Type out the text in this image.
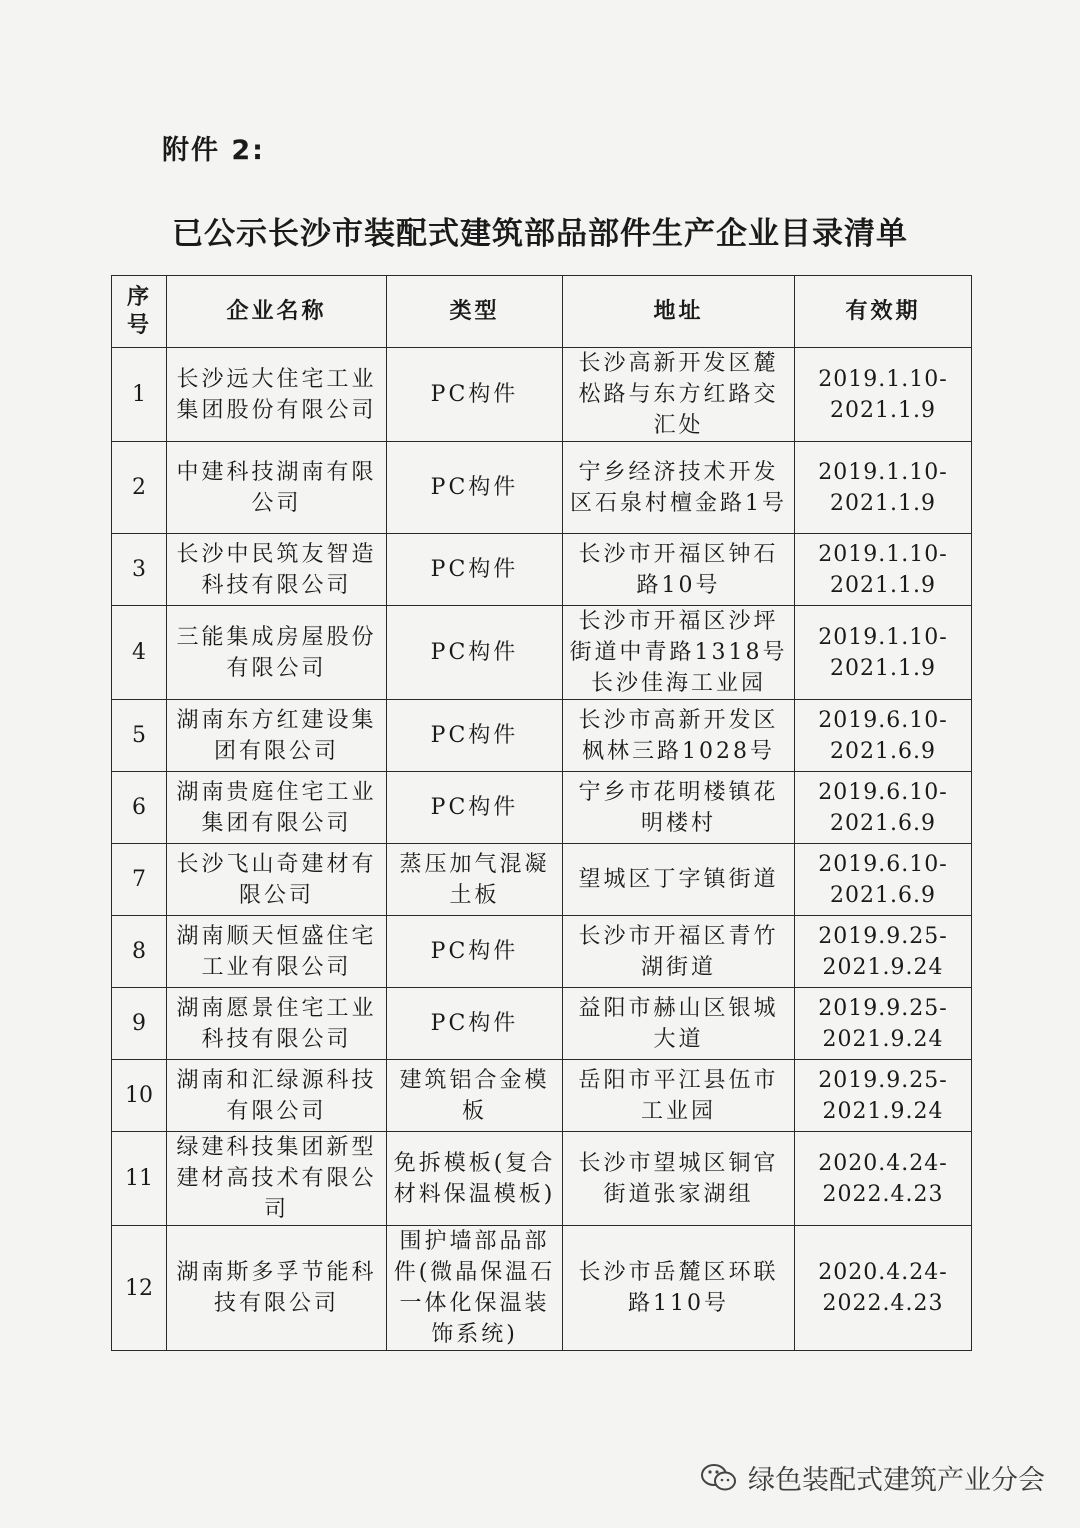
附件 2:
已公示长沙市装配式建筑部品部件生产企业目录清单
序号	企业名称	类型	地址	有效期
1	长沙远大住宅工业集团股份有限公司	PC构件	长沙高新开发区麓松路与东方红路交汇处	2019.1.10-2021.1.9
2	中建科技湖南有限公司	PC构件	宁乡经济技术开发区石泉村檀金路1号	2019.1.10-2021.1.9
3	长沙中民筑友智造科技有限公司	PC构件	长沙市开福区钟石路10号	2019.1.10-2021.1.9
4	三能集成房屋股份有限公司	PC构件	长沙市开福区沙坪街道中青路1318号长沙佳海工业园	2019.1.10-2021.1.9
5	湖南东方红建设集团有限公司	PC构件	长沙市高新开发区枫林三路1028号	2019.6.10-2021.6.9
6	湖南贵庭住宅工业集团有限公司	PC构件	宁乡市花明楼镇花明楼村	2019.6.10-2021.6.9
7	长沙飞山奇建材有限公司	蒸压加气混凝土板	望城区丁字镇街道	2019.6.10-2021.6.9
8	湖南顺天恒盛住宅工业有限公司	PC构件	长沙市开福区青竹湖街道	2019.9.25-2021.9.24
9	湖南愿景住宅工业科技有限公司	PC构件	益阳市赫山区银城大道	2019.9.25-2021.9.24
10	湖南和汇绿源科技有限公司	建筑铝合金模板	岳阳市平江县伍市工业园	2019.9.25-2021.9.24
11	绿建科技集团新型建材高技术有限公司	免拆模板(复合材料保温模板)	长沙市望城区铜官街道张家湖组	2020.4.24-2022.4.23
12	湖南斯多孚节能科技有限公司	围护墙部品部件(微晶保温石一体化保温装饰系统)	长沙市岳麓区环联路110号	2020.4.24-2022.4.23
绿色装配式建筑产业分会
